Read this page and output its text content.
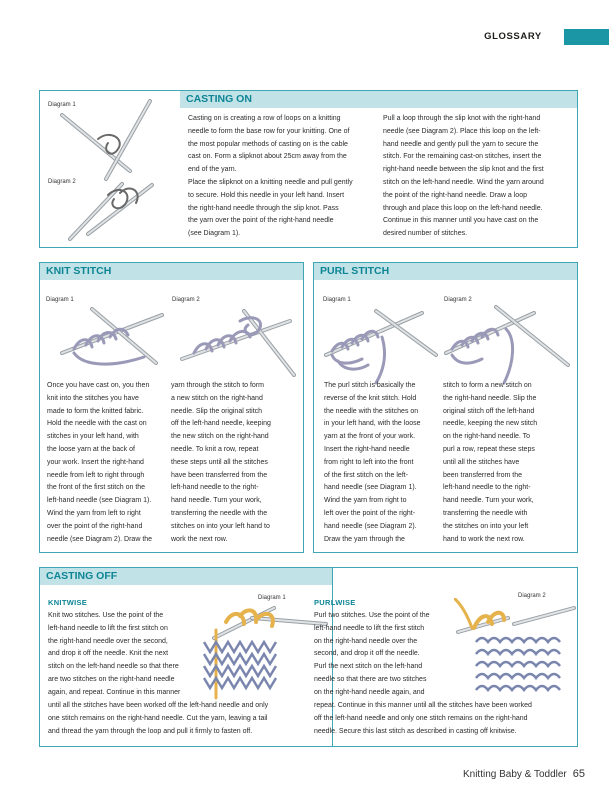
GLOSSARY
CASTING ON
Diagram 1
Diagram 2
Casting on is creating a row of loops on a knitting
needle to form the base row for your knitting. One of
the most popular methods of casting on is the cable
cast on. Form a slipknot about 25cm away from the
end of the yarn.
Place the slipknot on a knitting needle and pull gently
to secure. Hold this needle in your left hand. Insert
the right-hand needle through the slip knot. Pass
the yarn over the point of the right-hand needle
(see Diagram 1).
Pull a loop through the slip knot with the right-hand
needle (see Diagram 2). Place this loop on the left-
hand needle and gently pull the yarn to secure the
stitch. For the remaining cast-on stitches, insert the
right-hand needle between the slip knot and the first
stitch on the left-hand needle. Wind the yarn around
the point of the right-hand needle. Draw a loop
through and place this loop on the left-hand needle.
Continue in this manner until you have cast on the
desired number of stitches.
KNIT STITCH
Diagram 1	Diagram 2
Once you have cast on, you then
knit into the stitches you have
made to form the knitted fabric.
Hold the needle with the cast on
stitches in your left hand, with
the loose yarn at the back of
your work. Insert the right-hand
needle from left to right through
the front of the first stitch on the
left-hand needle (see Diagram 1).
Wind the yarn from left to right
over the point of the right-hand
needle (see Diagram 2). Draw the
yarn through the stitch to form
a new stitch on the right-hand
needle. Slip the original stitch
off the left-hand needle, keeping
the new stitch on the right-hand
needle. To knit a row, repeat
these steps until all the stitches
have been transferred from the
left-hand needle to the right-
hand needle. Turn your work,
transferring the needle with the
stitches on into your left hand to
work the next row.
PURL STITCH
Diagram 1	Diagram 2
The purl stitch is basically the
reverse of the knit stitch. Hold
the needle with the stitches on
in your left hand, with the loose
yarn at the front of your work.
Insert the right-hand needle
from right to left into the front
of the first stitch on the left-
hand needle (see Diagram 1).
Wind the yarn from right to
left over the point of the right-
hand needle (see Diagram 2).
Draw the yarn through the
stitch to form a new stitch on
the right-hand needle. Slip the
original stitch off the left-hand
needle, keeping the new stitch
on the right-hand needle. To
purl a row, repeat these steps
until all the stitches have
been transferred from the
left-hand needle to the right-
hand needle. Turn your work,
transferring the needle with
the stitches on into your left
hand to work the next row.
CASTING OFF
KNITWISE	Diagram 1
Knit two stitches. Use the point of the
left-hand needle to lift the first stitch on
the right-hand needle over the second,
and drop it off the needle. Knit the next
stitch on the left-hand needle so that there
are two stitches on the right-hand needle
again, and repeat. Continue in this manner
until all the stitches have been worked off the left-hand needle and only
one stitch remains on the right-hand needle. Cut the yarn, leaving a tail
and thread the yarn through the loop and pull it firmly to fasten off.
PURLWISE
Diagram 2
Purl two stitches. Use the point of the
left-hand needle to lift the first stitch
on the right-hand needle over the
second, and drop it off the needle.
Purl the next stitch on the left-hand
needle so that there are two stitches
on the right-hand needle again, and
repeat. Continue in this manner until all the stitches have been worked
off the left-hand needle and only one stitch remains on the right-hand
needle. Secure this last stitch as described in casting off knitwise.
Knitting Baby & Toddler 65
PassionForum.ru
